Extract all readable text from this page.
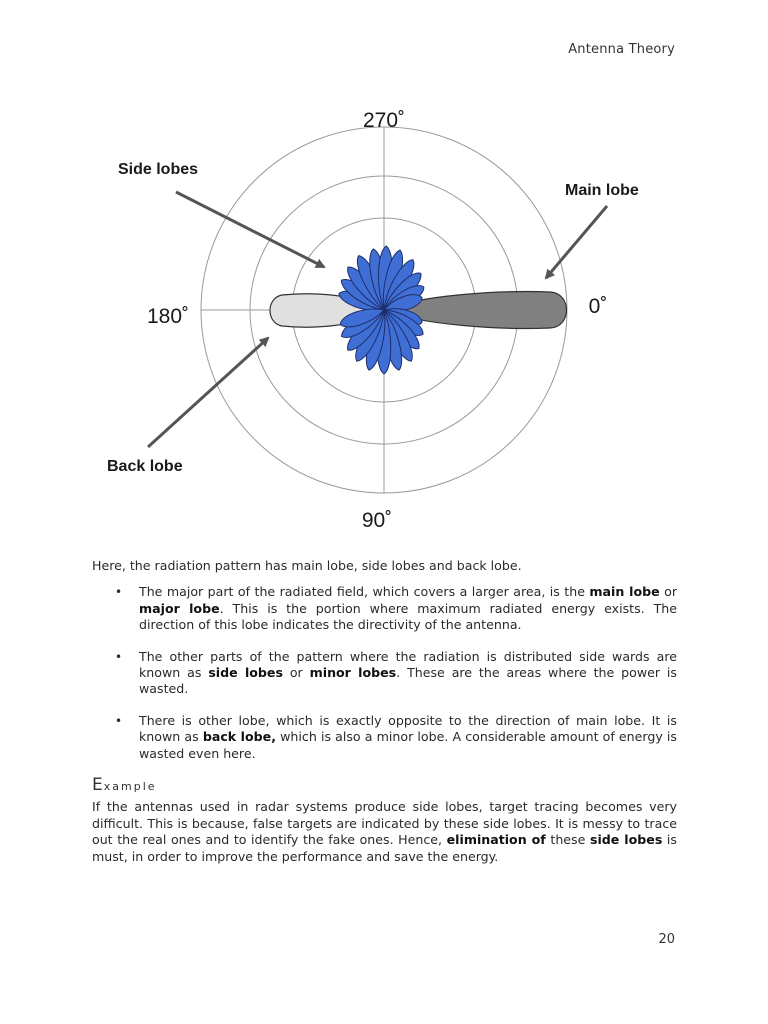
Antenna Theory
270˚
180˚	0˚
90˚
Side lobes
Main lobe
Back lobe

Here, the radiation pattern has main lobe, side lobes and back lobe.

• The major part of the radiated field, which covers a larger area, is the main lobe or major lobe. This is the portion where maximum radiated energy exists. The direction of this lobe indicates the directivity of the antenna.
• The other parts of the pattern where the radiation is distributed side wards are known as side lobes or minor lobes. These are the areas where the power is wasted.
• There is other lobe, which is exactly opposite to the direction of main lobe. It is known as back lobe, which is also a minor lobe. A considerable amount of energy is wasted even here.
Example

If the antennas used in radar systems produce side lobes, target tracing becomes very difficult. This is because, false targets are indicated by these side lobes. It is messy to trace out the real ones and to identify the fake ones. Hence, elimination of these side lobes is must, in order to improve the performance and save the energy.

20
